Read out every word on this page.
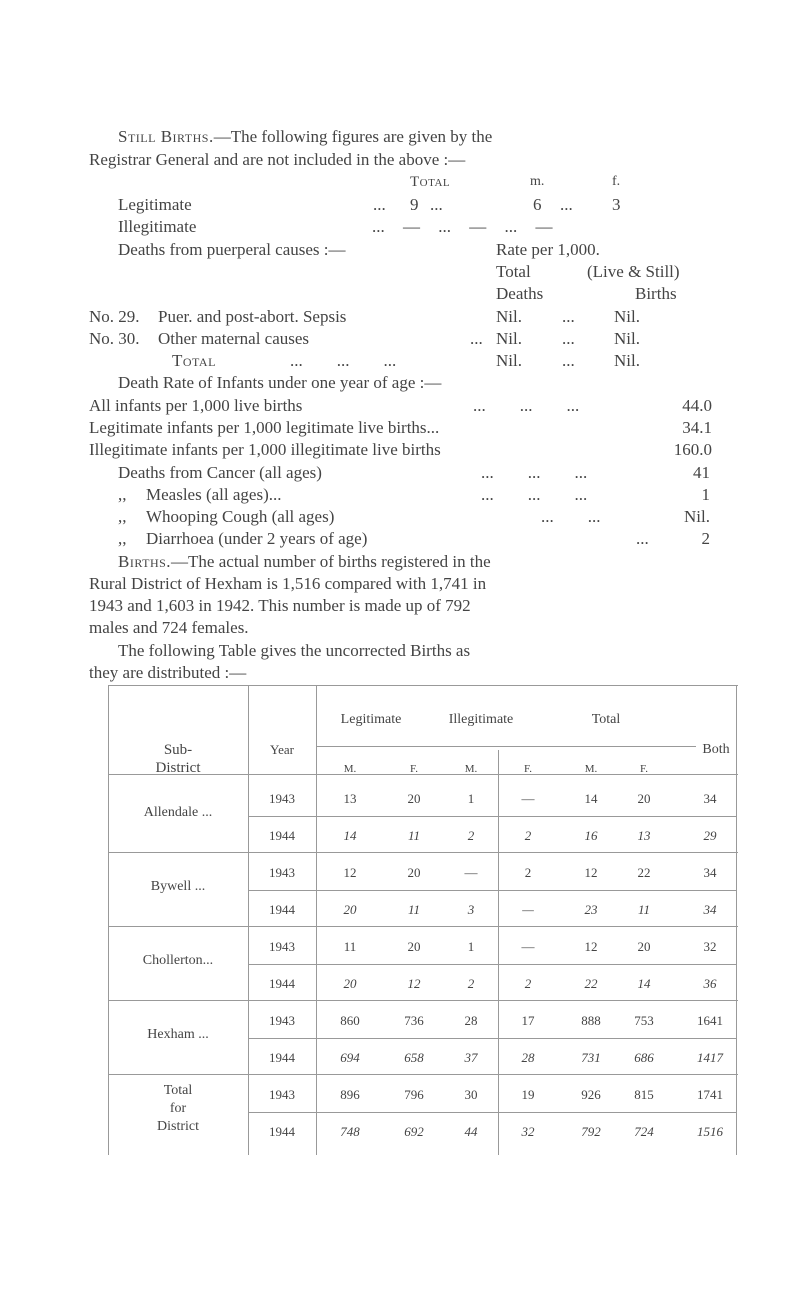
Still Births.—The following figures are given by the
Registrar General and are not included in the above :—
Total	m.	f.
Legitimate	... 9 ...	6 ... 3
Illegitimate	... — ... — ... —
Deaths from puerperal causes :—	Rate per 1,000.
Total	(Live & Still)
Deaths	Births
No. 29. Puer. and post-abort. Sepsis	Nil. ... Nil.
No. 30. Other maternal causes	... Nil. ... Nil.
Total	...        ...        ...	Nil. ... Nil.
Death Rate of Infants under one year of age :—
All infants per 1,000 live births	...        ...        ...	44.0
Legitimate infants per 1,000 legitimate live births...	34.1
Illegitimate infants per 1,000 illegitimate live births	160.0
Deaths from Cancer (all ages)	...        ...        ...	41
,, Measles (all ages)...	...        ...        ...	1
,, Whooping Cough (all ages)	...        ...	Nil.
,, Diarrhoea (under 2 years of age)	...	2
Births.—The actual number of births registered in the
Rural District of Hexham is 1,516 compared with 1,741 in
1943 and 1,603 in 1942. This number is made up of 792
males and 724 females.
The following Table gives the uncorrected Births as
they are distributed :—
Sub-
District
Year
Legitimate	Illegitimate	Total
Both
M.	F.	M.	F.	M.	F.
Allendale ...
1943	13	20	1	—	14	20	34
1944	14	11	2	2	16	13	29
Bywell ...
1943	12	20	—	2	12	22	34
1944	20	11	3	—	23	11	34
Chollerton...
1943	11	20	1	—	12	20	32
1944	20	12	2	2	22	14	36
Hexham ...
1943	860	736	28	17	888	753	1641
1944	694	658	37	28	731	686	1417
Total
for
District
1943	896	796	30	19	926	815	1741
1944	748	692	44	32	792	724	1516
